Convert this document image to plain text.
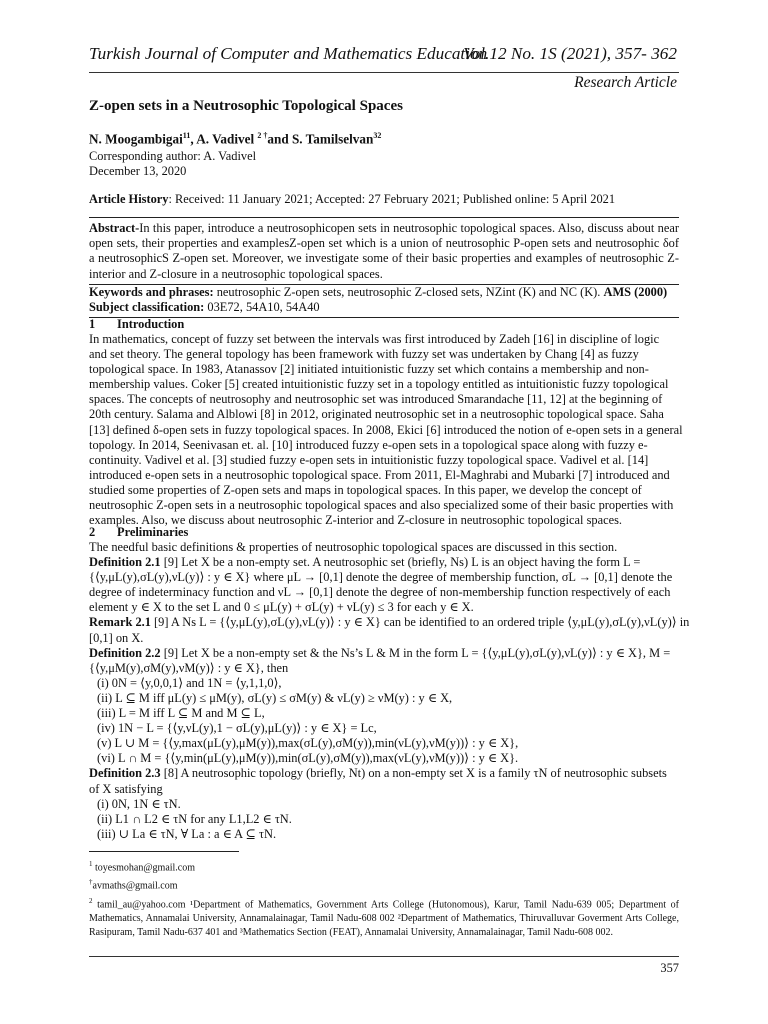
Turkish Journal of Computer and Mathematics Education
Vol.12 No. 1S (2021), 357- 362
Research Article
Z-open sets in a Neutrosophic Topological Spaces
N. Moogambigai$^{11}$, A. Vadivel $^{2 \dagger}$and S. Tamilselvan$^{32}$
Corresponding author: A. Vadivel
December 13, 2020
Article History: Received: 11 January 2021; Accepted: 27 February 2021; Published online: 5 April 2021
Abstract-In this paper, introduce a neutrosophicopen sets in neutrosophic topological spaces. Also, discuss about near open sets, their properties and examplesZ-open set which is a union of neutrosophic P-open sets and neutrosophic δof a neutrosophicS Z-open set. Moreover, we investigate some of their basic properties and examples of neutrosophic Z-interior and Z-closure in a neutrosophic topological spaces.
Keywords and phrases: neutrosophic Z-open sets, neutrosophic Z-closed sets, NZint (K) and NC (K). AMS (2000)
Subject classification: 03E72, 54A10, 54A40
1 Introduction
In mathematics, concept of fuzzy set between the intervals was first introduced by Zadeh [16] in discipline of logic
and set theory. The general topology has been framework with fuzzy set was undertaken by Chang [4] as fuzzy
topological space. In 1983, Atanassov [2] initiated intuitionistic fuzzy set which contains a membership and non-
membership values. Coker [5] created intuitionistic fuzzy set in a topology entitled as intuitionistic fuzzy topological
spaces. The concepts of neutrosophy and neutrosophic set was introduced Smarandache [11, 12] at the beginning of
20th century. Salama and Alblowi [8] in 2012, originated neutrosophic set in a neutrosophic topological space. Saha
[13] defined δ-open sets in fuzzy topological spaces. In 2008, Ekici [6] introduced the notion of e-open sets in a general
topology. In 2014, Seenivasan et. al. [10] introduced fuzzy e-open sets in a topological space along with fuzzy e-
continuity. Vadivel et al. [3] studied fuzzy e-open sets in intuitionistic fuzzy topological space. Vadivel et al. [14]
introduced e-open sets in a neutrosophic topological space. From 2011, El-Maghrabi and Mubarki [7] introduced and
studied some properties of Z-open sets and maps in topological spaces. In this paper, we develop the concept of
neutrosophic Z-open sets in a neutrosophic topological spaces and also specialized some of their basic properties with
examples. Also, we discuss about neutrosophic Z-interior and Z-closure in neutrosophic topological spaces.
2 Preliminaries
The needful basic definitions & properties of neutrosophic topological spaces are discussed in this section.
Definition 2.1 [9] Let X be a non-empty set. A neutrosophic set (briefly, Ns) L is an object having the form L =
{⟨y,μL(y),σL(y),νL(y)⟩ : y ∈ X} where μL → [0,1] denote the degree of membership function, σL → [0,1] denote the
degree of indeterminacy function and νL → [0,1] denote the degree of non-membership function respectively of each
element y ∈ X to the set L and 0 ≤ μL(y) + σL(y) + νL(y) ≤ 3 for each y ∈ X.
Remark 2.1 [9] A Ns L = {⟨y,μL(y),σL(y),νL(y)⟩ : y ∈ X} can be identified to an ordered triple ⟨y,μL(y),σL(y),νL(y)⟩ in
[0,1] on X.
Definition 2.2 [9] Let X be a non-empty set & the Ns’s L & M in the form L = {⟨y,μL(y),σL(y),νL(y)⟩ : y ∈ X}, M =
{⟨y,μM(y),σM(y),νM(y)⟩ : y ∈ X}, then
(i) 0N = ⟨y,0,0,1⟩ and 1N = ⟨y,1,1,0⟩,
(ii) L ⊆ M iff μL(y) ≤ μM(y), σL(y) ≤ σM(y) & νL(y) ≥ νM(y) : y ∈ X,
(iii) L = M iff L ⊆ M and M ⊆ L,
(iv) 1N − L = {⟨y,νL(y),1 − σL(y),μL(y)⟩ : y ∈ X} = Lc,
(v) L ∪ M = {⟨y,max(μL(y),μM(y)),max(σL(y),σM(y)),min(νL(y),νM(y))⟩ : y ∈ X},
(vi) L ∩ M = {⟨y,min(μL(y),μM(y)),min(σL(y),σM(y)),max(νL(y),νM(y))⟩ : y ∈ X}.
Definition 2.3 [8] A neutrosophic topology (briefly, Nt) on a non-empty set X is a family τN of neutrosophic subsets
of X satisfying
(i) 0N, 1N ∈ τN.
(ii) L1 ∩ L2 ∈ τN for any L1,L2 ∈ τN.
(iii) ∪ La ∈ τN, ∀ La : a ∈ A ⊆ τN.
$^1$ toyesmohan@gmail.com
†avmaths@gmail.com
$^2$ tamil_au@yahoo.com ¹Department of Mathematics, Government Arts College (Hutonomous), Karur, Tamil Nadu-639 005; Department of Mathematics, Annamalai University, Annamalainagar, Tamil Nadu-608 002 ²Department of Mathematics, Thiruvalluvar Goverment Arts College, Rasipuram, Tamil Nadu-637 401 and ³Mathematics Section (FEAT), Annamalai University, Annamalainagar, Tamil Nadu-608 002.
357
